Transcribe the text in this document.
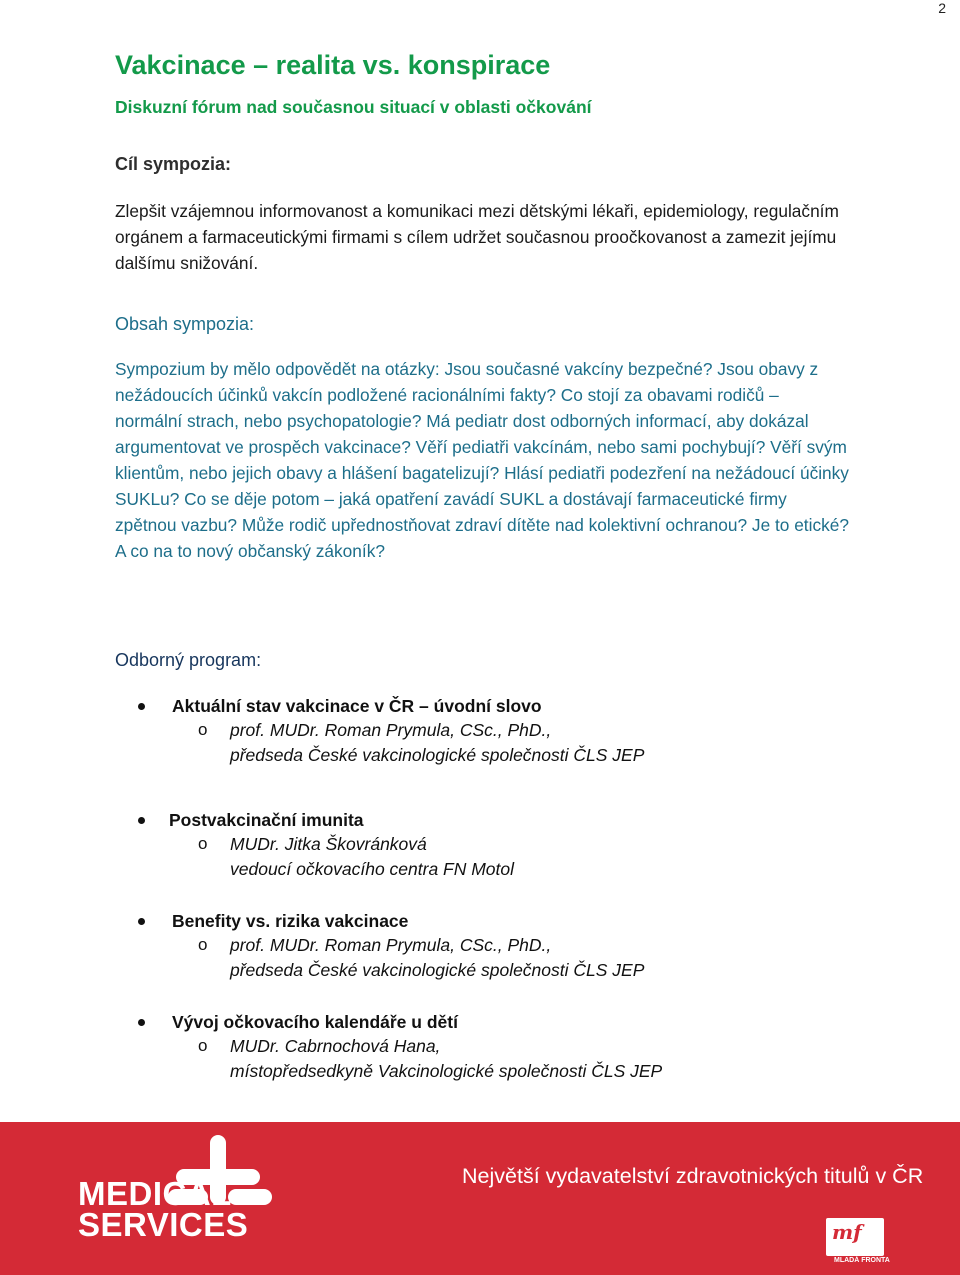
2
Vakcinace – realita vs. konspirace
Diskuzní fórum nad současnou situací v oblasti očkování
Cíl sympozia:

Zlepšit vzájemnou informovanost a komunikaci mezi dětskými lékaři, epidemiology, regulačním orgánem a farmaceutickými firmami s cílem udržet současnou proočkovanost a zamezit jejímu dalšímu snižování.

Obsah sympozia:

Sympozium by mělo odpovědět na otázky: Jsou současné vakcíny bezpečné? Jsou obavy z nežádoucích účinků vakcín podložené racionálními fakty? Co stojí za obavami rodičů – normální strach, nebo psychopatologie? Má pediatr dost odborných informací, aby dokázal argumentovat ve prospěch vakcinace? Věří pediatři vakcínám, nebo sami pochybují? Věří svým klientům, nebo jejich obavy a hlášení bagatelizují? Hlásí pediatři podezření na nežádoucí účinky SUKLu? Co se děje potom – jaká opatření zavádí SUKL a dostávají farmaceutické firmy zpětnou vazbu? Může rodič upřednostňovat zdraví dítěte nad kolektivní ochranou? Je to etické? A co na to nový občanský zákoník?

Odborný program:
Aktuální stav vakcinace v ČR – úvodní slovo
o prof. MUDr. Roman Prymula, CSc., PhD.,
předseda České vakcinologické společnosti ČLS JEP
Postvakcinační imunita
o MUDr. Jitka Škovránková
vedoucí očkovacího centra FN Motol
Benefity vs. rizika vakcinace
o prof. MUDr. Roman Prymula, CSc., PhD.,
předseda České vakcinologické společnosti ČLS JEP
Vývoj očkovacího kalendáře u dětí
o MUDr. Cabrnochová Hana,
místopředsedkyně Vakcinologické společnosti ČLS JEP
MEDICAL
SERVICES
Největší vydavatelství zdravotnických titulů v ČR
mf
MLADÁ FRONTA
